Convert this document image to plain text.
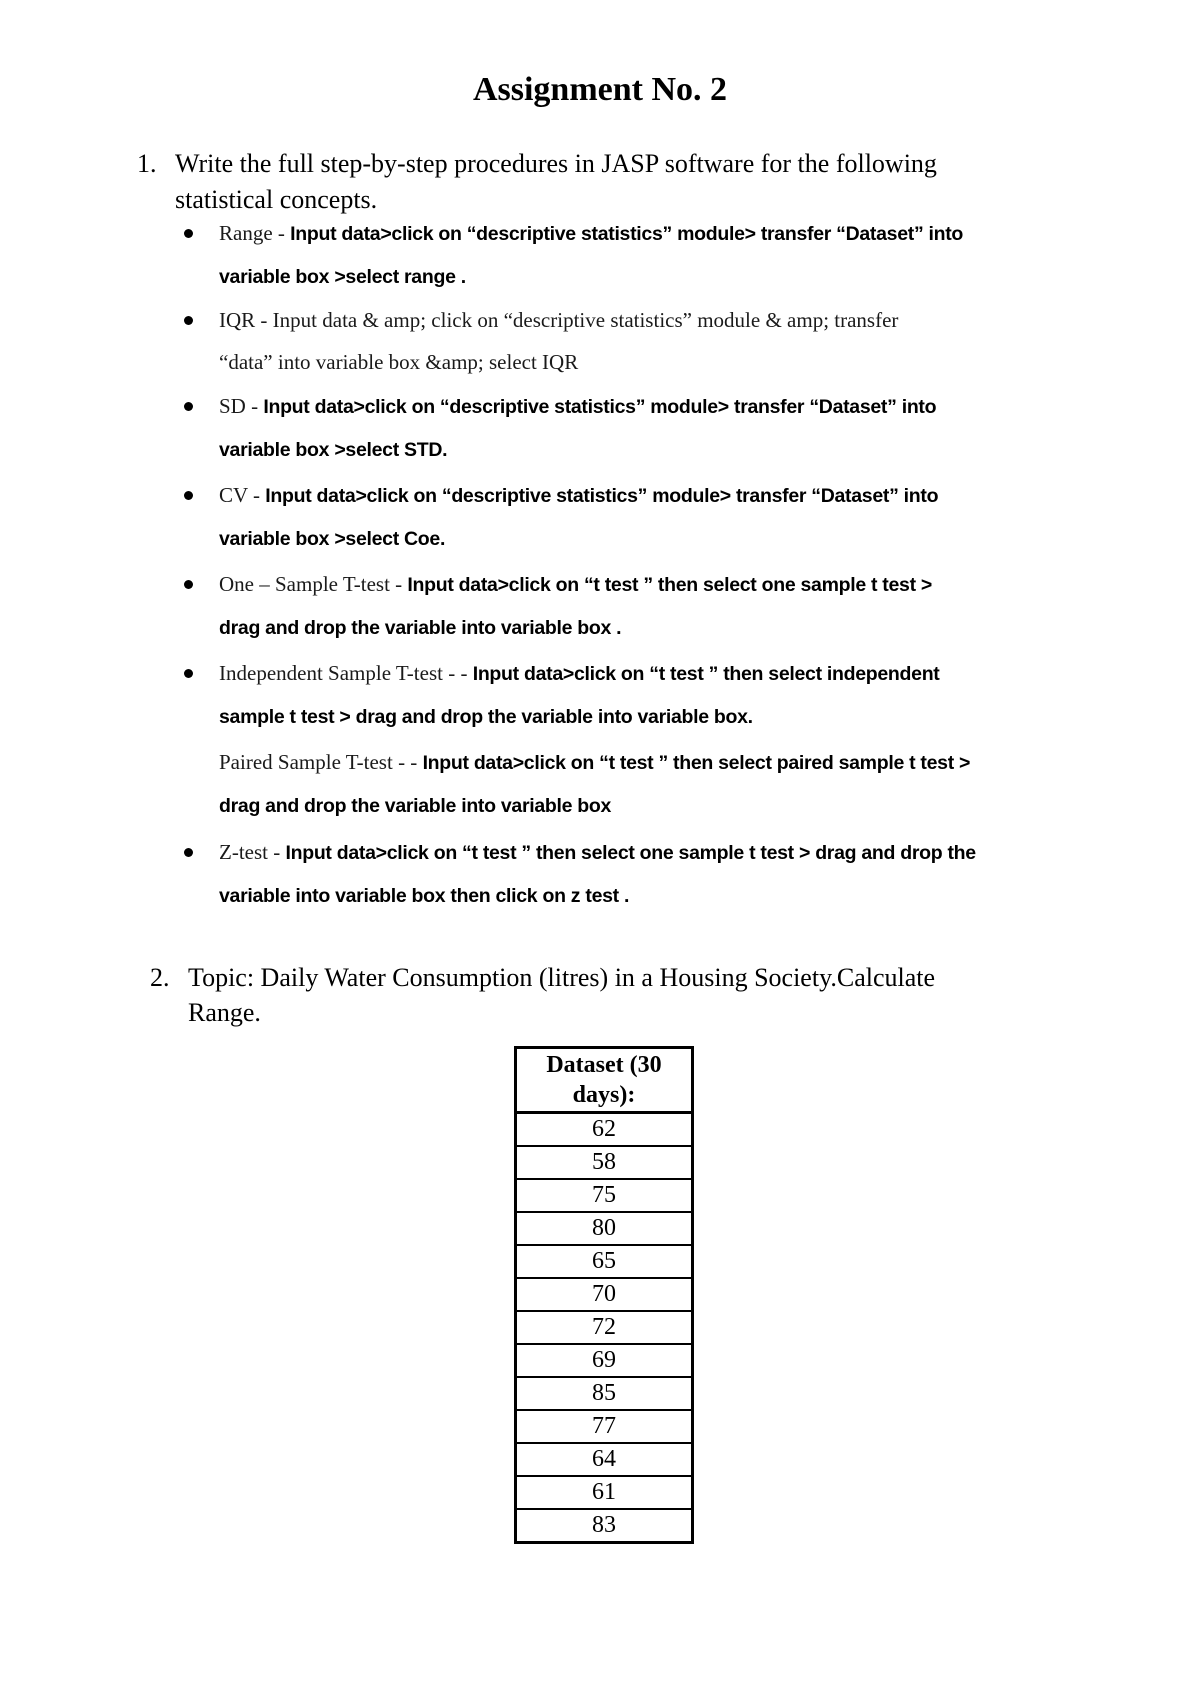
Assignment No. 2
1. Write the full step-by-step procedures in JASP software for the following
statistical concepts.
Range - Input data>click on “descriptive statistics” module> transfer “Dataset” into
variable box >select range .
IQR - Input data & amp; click on “descriptive statistics” module & amp; transfer
“data” into variable box &amp; select IQR
SD - Input data>click on “descriptive statistics” module> transfer “Dataset” into
variable box >select STD.
CV - Input data>click on “descriptive statistics” module> transfer “Dataset” into
variable box >select Coe.
One – Sample T-test - Input data>click on “t test ” then select one sample t test >
drag and drop the variable into variable box .
Independent Sample T-test - - Input data>click on “t test ” then select independent
sample t test > drag and drop the variable into variable box.
Paired Sample T-test - - Input data>click on “t test ” then select paired sample t test >
drag and drop the variable into variable box
Z-test - Input data>click on “t test ” then select one sample t test > drag and drop the
variable into variable box then click on z test .
2. Topic: Daily Water Consumption (litres) in a Housing Society.Calculate
Range.
Dataset (30 days):
62
58
75
80
65
70
72
69
85
77
64
61
83
